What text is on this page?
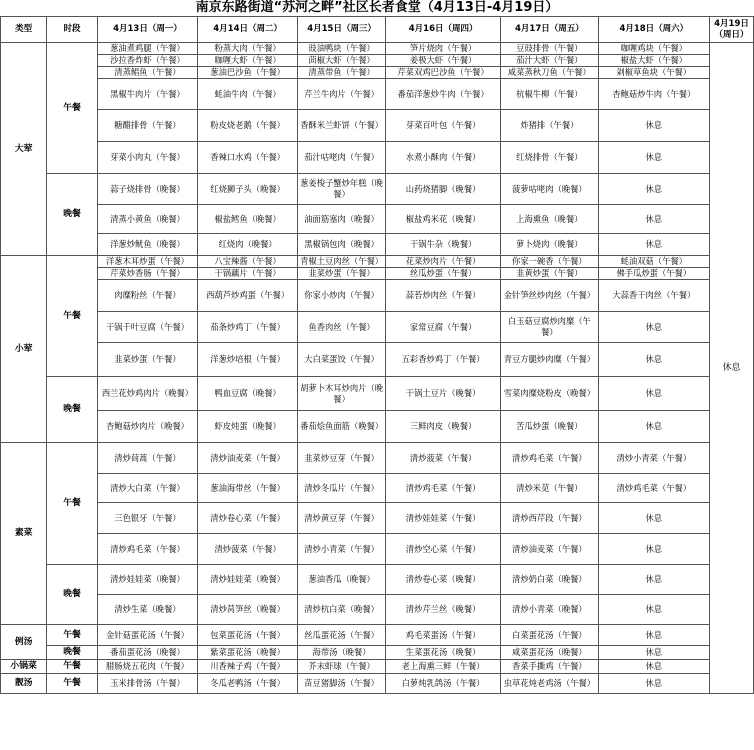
南京东路街道“苏河之畔”社区长者食堂（4月13日-4月19日）
类型	时段	4月13日（周一）	4月14日（周二）	4月15日（周三）	4月16日（周四）	4月17日（周五）	4月18日（周六）	4月19日（周日）
大荤	午餐	葱油煮鸡腿（午餐）	粉蒸大肉（午餐）	豉油鸭块（午餐）	笋片烧肉（午餐）	豆豉排骨（午餐）	咖喱鸡块（午餐）	休息
		沙拉香炸虾（午餐）	咖喱大虾（午餐）	茴椒大虾（午餐）	姜极大虾（午餐）	茄汁大虾（午餐）	椒盐大虾（午餐）	
		清蒸鲳鱼（午餐）	葱油巴沙鱼（午餐）	清蒸带鱼（午餐）	芹菜双鸡巴沙鱼（午餐）	咸菜蒸秋刀鱼（午餐）	剁椒草鱼块（午餐）	
		黑椒牛肉片（午餐）	蚝油牛肉（午餐）	芹兰牛肉片（午餐）	番茄洋葱炒牛肉（午餐）	杭椒牛柳（午餐）	杏鲍菇炒牛肉（午餐）	
		糖醋排骨（午餐）	粉皮烧老鹅（午餐）	香酥米兰虾饼（午餐）	芽菜百叶包（午餐）	炸猪排（午餐）	休息	
		芽菜小肉丸（午餐）	香辣口水鸡（午餐）	茄汁咕咾肉（午餐）	水煮小酥肉（午餐）	红烧排骨（午餐）	休息	
	晚餐	蒜子烧排骨（晚餐）	红烧狮子头（晚餐）	葱姜梭子蟹炒年糕（晚餐）	山药烧猪脚（晚餐）	菠萝咕咾肉（晚餐）	休息	
		清蒸小黄鱼（晚餐）	椒盐鳕鱼（晚餐）	油面筋塞肉（晚餐）	椒盐鸡米花（晚餐）	上海熏鱼（晚餐）	休息	
		洋葱炒鱿鱼（晚餐）	红烧肉（晚餐）	黑椒锅包肉（晚餐）	干锅牛杂（晚餐）	萝卜烧肉（晚餐）	休息	
小荤	午餐	洋葱木耳炒蛋（午餐）	八宝辣酱（午餐）	青椒土豆肉丝（午餐）	花菜炒肉片（午餐）	你家一碗香（午餐）	蚝油双菇（午餐）	
		芹菜炒香肠（午餐）	干锅藕片（午餐）	韭菜炒蛋（午餐）	丝瓜炒蛋（午餐）	韭黄炒蛋（午餐）	佛手瓜炒蛋（午餐）	
		肉糜粉丝（午餐）	西葫芦炒鸡蛋（午餐）	你家小炒肉（午餐）	蒜苔炒肉丝（午餐）	金针笋丝炒肉丝（午餐）	大蒜香干肉丝（午餐）	
		干锅千叶豆腐（午餐）	茄条炒鸡丁（午餐）	鱼香肉丝（午餐）	家常豆腐（午餐）	白玉菇豆腐炒肉糜（午餐）	休息	
		韭菜炒蛋（午餐）	洋葱炒培根（午餐）	大白菜蛋饺（午餐）	五彩香炒鸡丁（午餐）	青豆方腿炒肉糜（午餐）	休息	
	晚餐	西兰花炒鸡肉片（晚餐）	鸭血豆腐（晚餐）	胡萝卜木耳炒肉片（晚餐）	干锅土豆片（晚餐）	雪菜肉糜烧粉皮（晚餐）	休息	
		杏鲍菇炒肉片（晚餐）	虾皮炖蛋（晚餐）	番茄烩鱼面筋（晚餐）	三鲜肉皮（晚餐）	苦瓜炒蛋（晚餐）	休息	
素菜	午餐	清炒茼蒿（午餐）	清炒油麦菜（午餐）	韭菜炒豆芽（午餐）	清炒菠菜（午餐）	清炒鸡毛菜（午餐）	清炒小青菜（午餐）	
		清炒大白菜（午餐）	葱油海带丝（午餐）	清炒冬瓜片（午餐）	清炒鸡毛菜（午餐）	清炒米苋（午餐）	清炒鸡毛菜（午餐）	
		三色银牙（午餐）	清炒卷心菜（午餐）	清炒黄豆芽（午餐）	清炒娃娃菜（午餐）	清炒西芹段（午餐）	休息	
		清炒鸡毛菜（午餐）	清炒菠菜（午餐）	清炒小青菜（午餐）	清炒空心菜（午餐）	清炒油麦菜（午餐）	休息	
	晚餐	清炒娃娃菜（晚餐）	清炒娃娃菜（晚餐）	葱油香瓜（晚餐）	清炒卷心菜（晚餐）	清炒奶白菜（晚餐）	休息	
		清炒生菜（晚餐）	清炒莴笋丝（晚餐）	清炒杭白菜（晚餐）	清炒芹兰丝（晚餐）	清炒小青菜（晚餐）	休息	
例汤	午餐	金针菇蛋花汤（午餐）	包菜蛋花汤（午餐）	丝瓜蛋花汤（午餐）	鸡毛菜蛋汤（午餐）	白菜蛋花汤（午餐）	休息	
	晚餐	番茄蛋花汤（晚餐）	紫菜蛋花汤（晚餐）	海带汤（晚餐）	生菜蛋花汤（晚餐）	咸菜蛋花汤（晚餐）	休息	
小锅菜	午餐	腊肠烧五花肉（午餐）	川香辣子鸡（午餐）	芥末虾球（午餐）	老上海熏三鲜（午餐）	香菜手撕鸡（午餐）	休息	
靓汤	午餐	玉米排骨汤（午餐）	冬瓜老鸭汤（午餐）	苗豆猪脚汤（午餐）	白萝炖乳鸽汤（午餐）	虫草花炖老鸡汤（午餐）	休息	
